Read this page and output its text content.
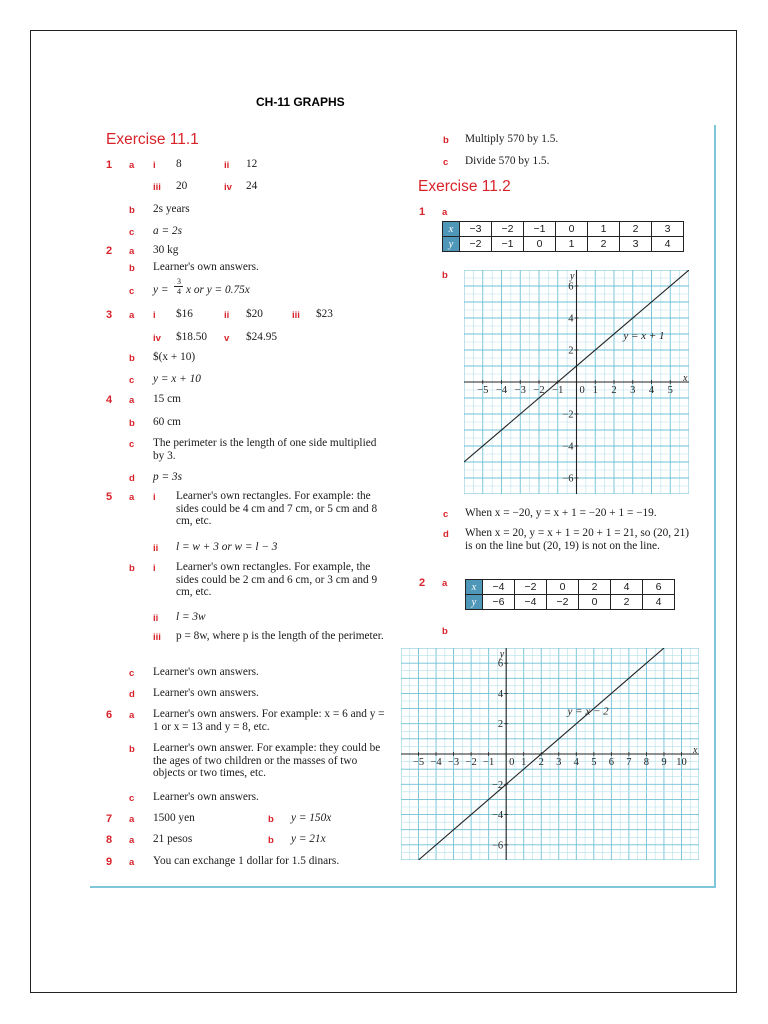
CH-11 GRAPHS
Exercise 11.1
1 a i 8	ii 12
iii 20	iv 24
b 2s years
c a = 2s
2 a 30 kg
b Learner's own answers.
c y =
3
4 x or y = 0.75x
3 a i $16	ii $20	iii $23
iv $18.50 v $24.95
b $(x + 10)
c y = x + 10
4 a 15 cm
b 60 cm
c The perimeter is the length of one side multiplied by 3.
d p = 3s
5 a i Learner's own rectangles. For example: the sides could be 4 cm and 7 cm, or 5 cm and 8 cm, etc.
ii l = w + 3 or w = l − 3
b i Learner's own rectangles. For example, the sides could be 2 cm and 6 cm, or 3 cm and 9 cm, etc.
ii l = 3w
iii p = 8w, where p is the length of the perimeter.
c Learner's own answers.
d Learner's own answers.
6 a Learner's own answers. For example: x = 6 and y = 1 or x = 13 and y = 8, etc.
b Learner's own answer. For example: they could be the ages of two children or the masses of two objects or two times, etc.
c Learner's own answers.
7 a 1500 yen	b y = 150x
8 a 21 pesos	b y = 21x
9 a You can exchange 1 dollar for 1.5 dinars.
b Multiply 570 by 1.5.
c Divide 570 by 1.5.
Exercise 11.2
1 a
x	−3	−2	−1	0	1	2	3
y	−2	−1	0	1	2	3	4
b
−5 −4 −3 −2 −1 0 1 2 3 4 5
−6
−4
−2
2
4
6
x
y
y = x + 1
c When x = −20, y = x + 1 = −20 + 1 = −19.
d When x = 20, y = x + 1 = 20 + 1 = 21, so (20, 21) is on the line but (20, 19) is not on the line.
2 a x	−4	−2	0	2	4	6
y	−6	−4	−2	0	2	4
b
−5 −4 −3 −2 −1 0 1 2 3 4 5 6 7 8 9 10
−6
−4
−2
2
4
6
x
y
y = x − 2
